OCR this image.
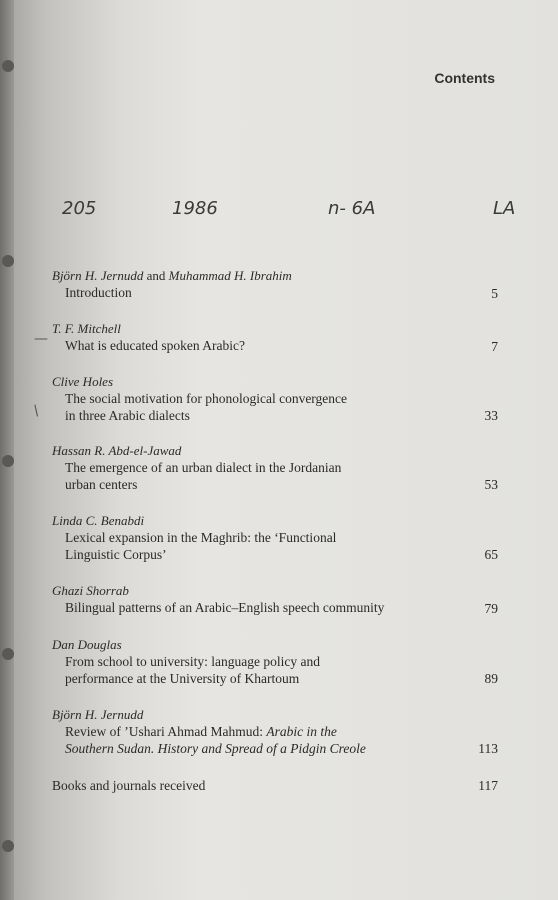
Contents
205	1986	n- 6A	LA
Björn H. Jernudd and Muhammad H. Ibrahim
Introduction	5
T. F. Mitchell
What is educated spoken Arabic?	7
—
Clive Holes
The social motivation for phonological convergence
in three Arabic dialects	33
/
Hassan R. Abd-el-Jawad
The emergence of an urban dialect in the Jordanian
urban centers	53
Linda C. Benabdi
Lexical expansion in the Maghrib: the ‘Functional
Linguistic Corpus’	65
Ghazi Shorrab
Bilingual patterns of an Arabic–English speech community	79
Dan Douglas
From school to university: language policy and
performance at the University of Khartoum	89
Björn H. Jernudd
Review of ’Ushari Ahmad Mahmud: Arabic in the
Southern Sudan. History and Spread of a Pidgin Creole	113
Books and journals received	117
